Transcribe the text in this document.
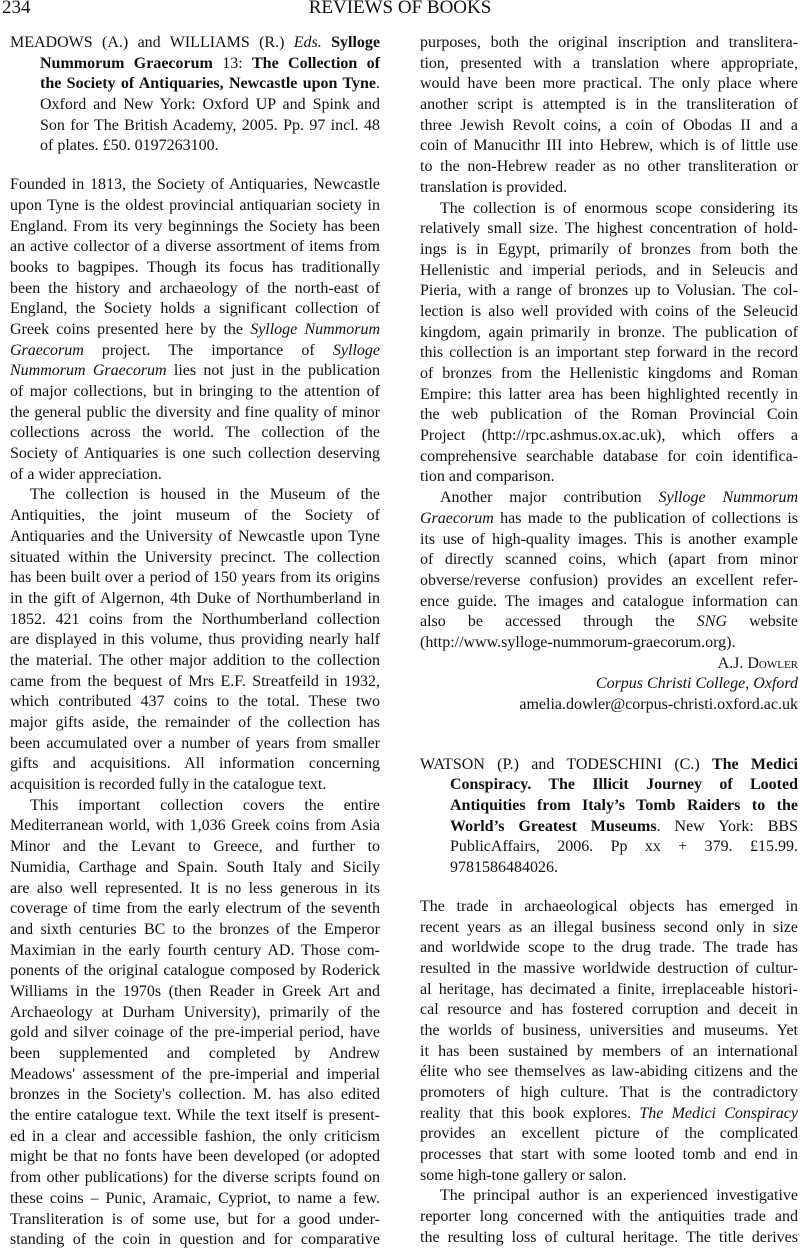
234	REVIEWS OF BOOKS
MEADOWS (A.) and WILLIAMS (R.) Eds. Sylloge
Nummorum Graecorum 13: The Collection of
the Society of Antiquaries, Newcastle upon Tyne.
Oxford and New York: Oxford UP and Spink and
Son for The British Academy, 2005. Pp. 97 incl. 48
of plates. £50. 0197263100.
Founded in 1813, the Society of Antiquaries, Newcastle
upon Tyne is the oldest provincial antiquarian society in
England. From its very beginnings the Society has been
an active collector of a diverse assortment of items from
books to bagpipes. Though its focus has traditionally
been the history and archaeology of the north-east of
England, the Society holds a significant collection of
Greek coins presented here by the Sylloge Nummorum
Graecorum project. The importance of Sylloge
Nummorum Graecorum lies not just in the publication
of major collections, but in bringing to the attention of
the general public the diversity and fine quality of minor
collections across the world. The collection of the
Society of Antiquaries is one such collection deserving
of a wider appreciation.
The collection is housed in the Museum of the
Antiquities, the joint museum of the Society of
Antiquaries and the University of Newcastle upon Tyne
situated within the University precinct. The collection
has been built over a period of 150 years from its origins
in the gift of Algernon, 4th Duke of Northumberland in
1852. 421 coins from the Northumberland collection
are displayed in this volume, thus providing nearly half
the material. The other major addition to the collection
came from the bequest of Mrs E.F. Streatfeild in 1932,
which contributed 437 coins to the total. These two
major gifts aside, the remainder of the collection has
been accumulated over a number of years from smaller
gifts and acquisitions. All information concerning
acquisition is recorded fully in the catalogue text.
This important collection covers the entire
Mediterranean world, with 1,036 Greek coins from Asia
Minor and the Levant to Greece, and further to
Numidia, Carthage and Spain. South Italy and Sicily
are also well represented. It is no less generous in its
coverage of time from the early electrum of the seventh
and sixth centuries BC to the bronzes of the Emperor
Maximian in the early fourth century AD. Those com-
ponents of the original catalogue composed by Roderick
Williams in the 1970s (then Reader in Greek Art and
Archaeology at Durham University), primarily of the
gold and silver coinage of the pre-imperial period, have
been supplemented and completed by Andrew
Meadows' assessment of the pre-imperial and imperial
bronzes in the Society's collection. M. has also edited
the entire catalogue text. While the text itself is present-
ed in a clear and accessible fashion, the only criticism
might be that no fonts have been developed (or adopted
from other publications) for the diverse scripts found on
these coins – Punic, Aramaic, Cypriot, to name a few.
Transliteration is of some use, but for a good under-
standing of the coin in question and for comparative
purposes, both the original inscription and translitera-
tion, presented with a translation where appropriate,
would have been more practical. The only place where
another script is attempted is in the transliteration of
three Jewish Revolt coins, a coin of Obodas II and a
coin of Manucithr III into Hebrew, which is of little use
to the non-Hebrew reader as no other transliteration or
translation is provided.
The collection is of enormous scope considering its
relatively small size. The highest concentration of hold-
ings is in Egypt, primarily of bronzes from both the
Hellenistic and imperial periods, and in Seleucis and
Pieria, with a range of bronzes up to Volusian. The col-
lection is also well provided with coins of the Seleucid
kingdom, again primarily in bronze. The publication of
this collection is an important step forward in the record
of bronzes from the Hellenistic kingdoms and Roman
Empire: this latter area has been highlighted recently in
the web publication of the Roman Provincial Coin
Project (http://rpc.ashmus.ox.ac.uk), which offers a
comprehensive searchable database for coin identifica-
tion and comparison.
Another major contribution Sylloge Nummorum
Graecorum has made to the publication of collections is
its use of high-quality images. This is another example
of directly scanned coins, which (apart from minor
obverse/reverse confusion) provides an excellent refer-
ence guide. The images and catalogue information can
also be accessed through the SNG website
(http://www.sylloge-nummorum-graecorum.org).
A.J. Dowler
Corpus Christi College, Oxford
amelia.dowler@corpus-christi.oxford.ac.uk
WATSON (P.) and TODESCHINI (C.) The Medici
Conspiracy. The Illicit Journey of Looted
Antiquities from Italy’s Tomb Raiders to the
World’s Greatest Museums. New York: BBS
PublicAffairs, 2006. Pp xx + 379. £15.99.
9781586484026.
The trade in archaeological objects has emerged in
recent years as an illegal business second only in size
and worldwide scope to the drug trade. The trade has
resulted in the massive worldwide destruction of cultur-
al heritage, has decimated a finite, irreplaceable histori-
cal resource and has fostered corruption and deceit in
the worlds of business, universities and museums. Yet
it has been sustained by members of an international
élite who see themselves as law-abiding citizens and the
promoters of high culture. That is the contradictory
reality that this book explores. The Medici Conspiracy
provides an excellent picture of the complicated
processes that start with some looted tomb and end in
some high-tone gallery or salon.
The principal author is an experienced investigative
reporter long concerned with the antiquities trade and
the resulting loss of cultural heritage. The title derives
